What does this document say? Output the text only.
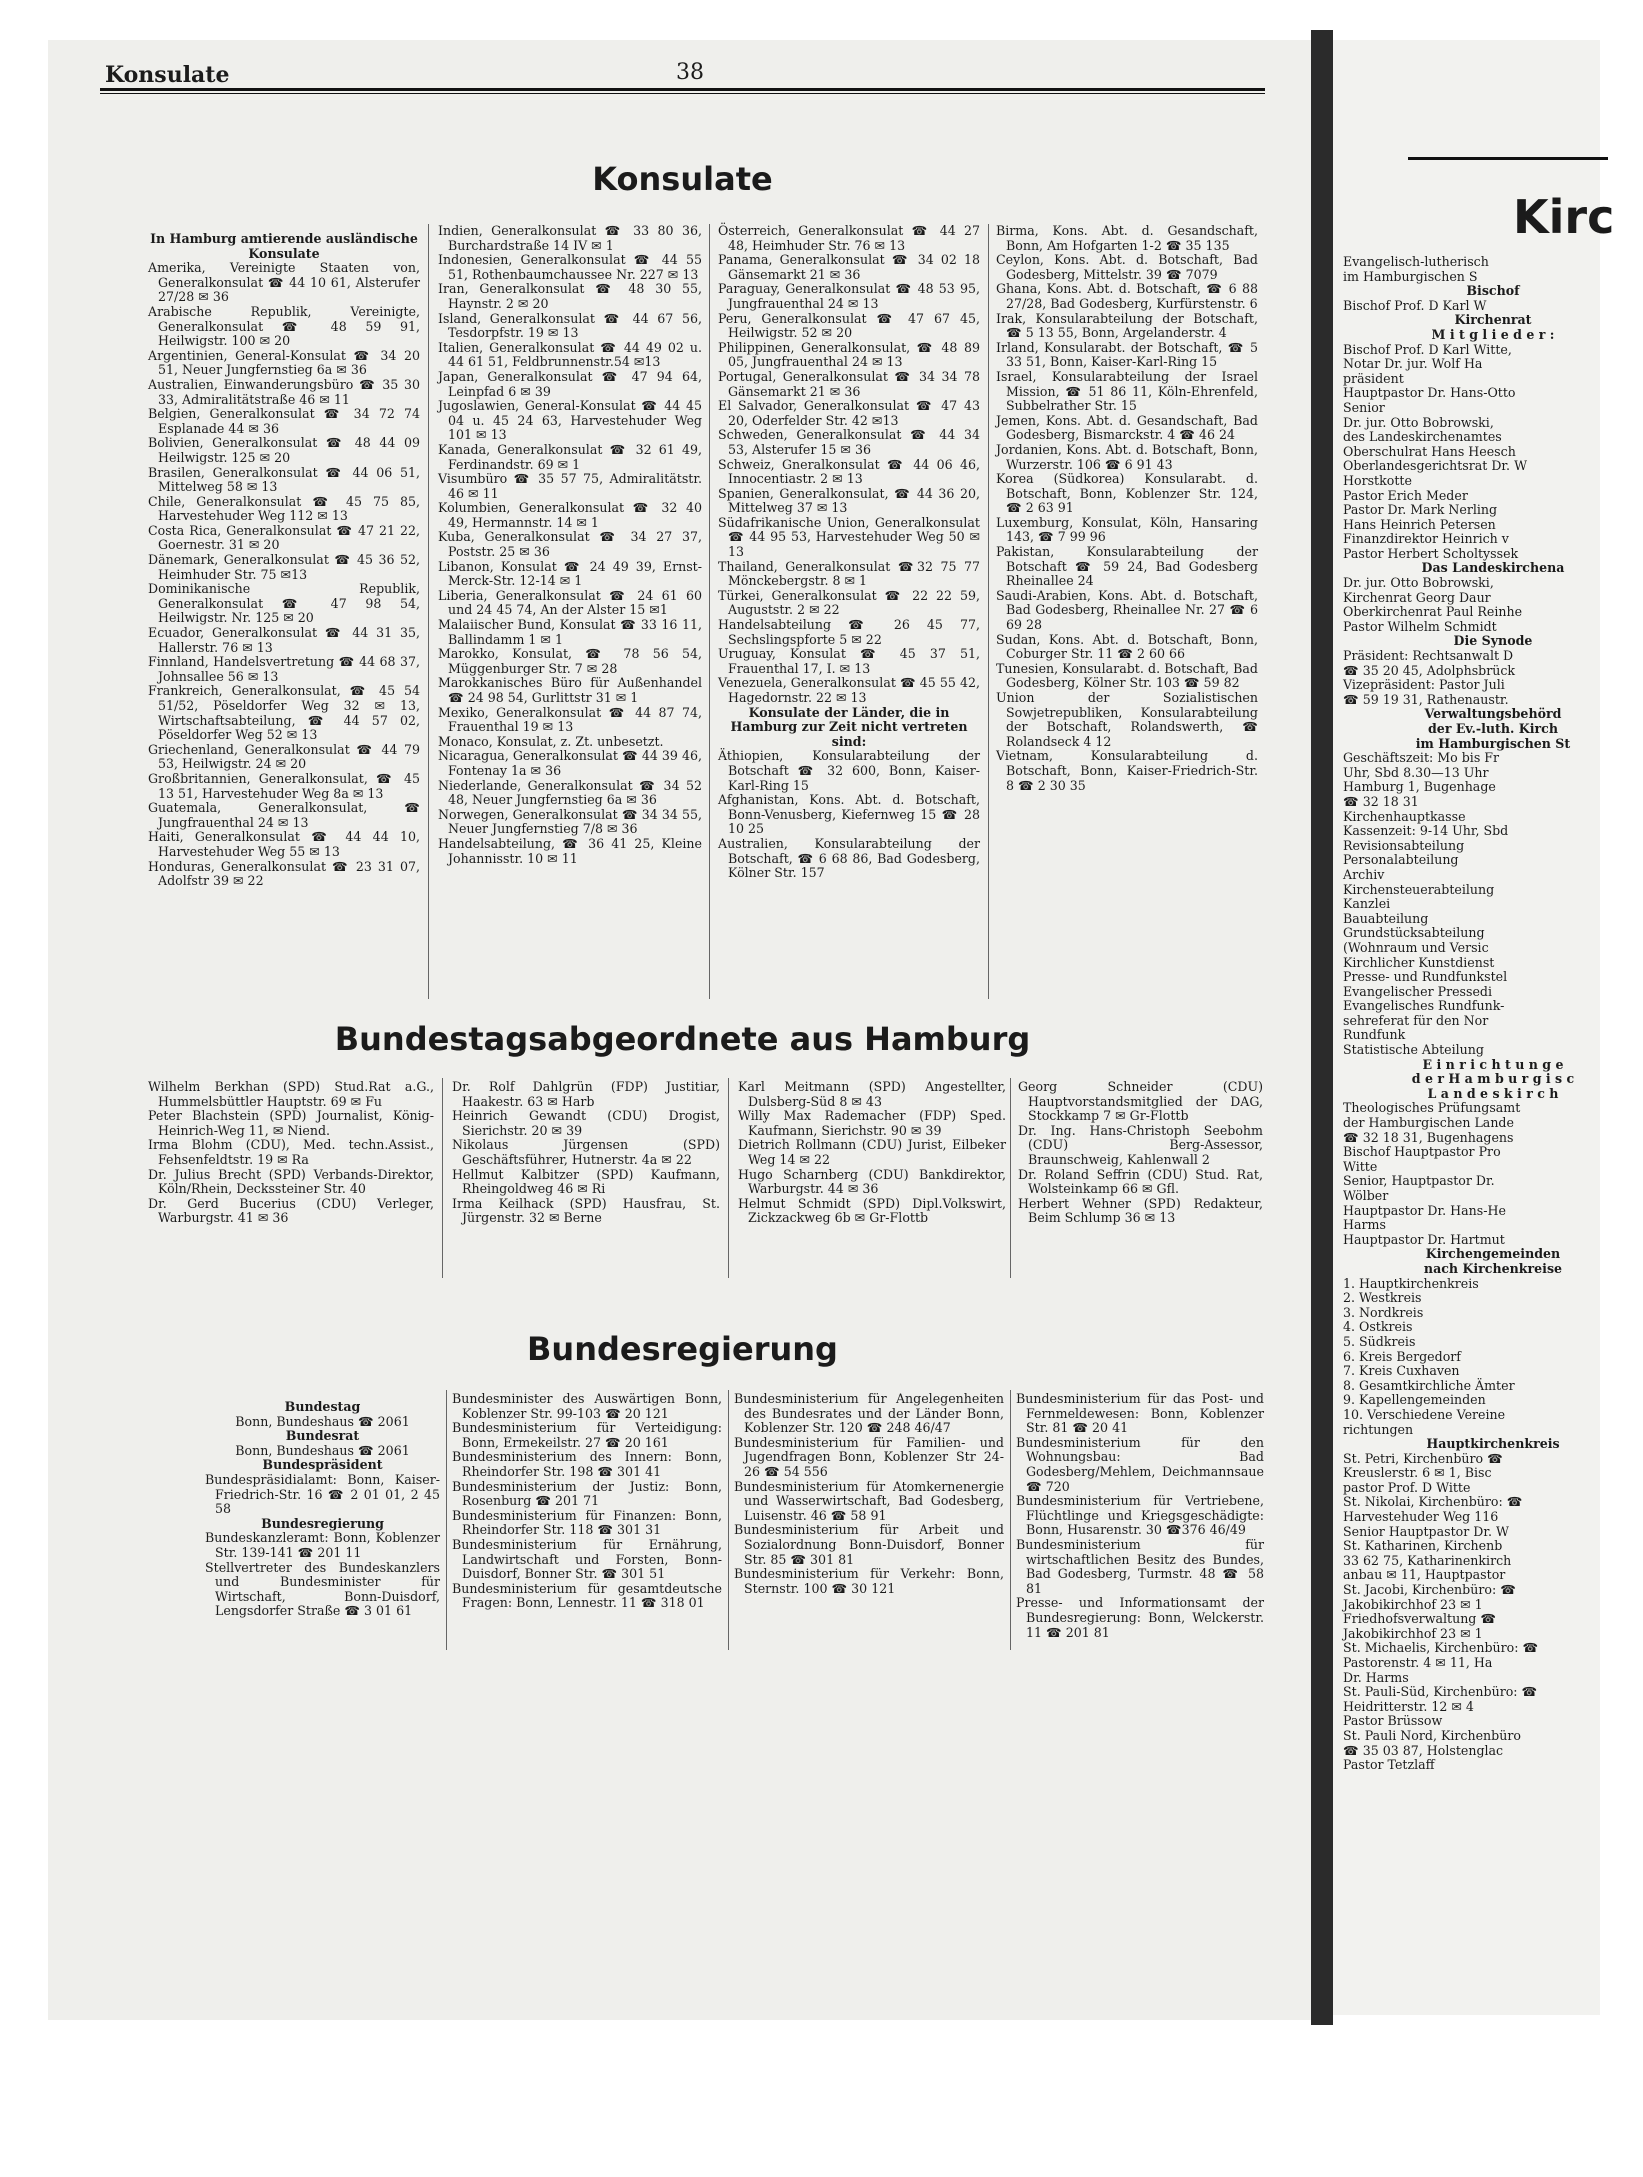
Kirc

Evangelisch-lutherisch

im Hamburgischen S

Bischof

Bischof Prof. D Karl W

Kirchenrat

M i t g l i e d e r :

Bischof Prof. D Karl Witte,

Notar Dr. jur. Wolf Ha

präsident

Hauptpastor Dr. Hans-Otto

Senior

Dr. jur. Otto Bobrowski,

des Landeskirchenamtes

Oberschulrat Hans Heesch

Oberlandesgerichtsrat Dr. W

Horstkotte

Pastor Erich Meder

Pastor Dr. Mark Nerling

Hans Heinrich Petersen

Finanzdirektor Heinrich v

Pastor Herbert Scholtyssek

Das Landeskirchena

Dr. jur. Otto Bobrowski,

Kirchenrat Georg Daur

Oberkirchenrat Paul Reinhe

Pastor Wilhelm Schmidt

Die Synode

Präsident: Rechtsanwalt D

☎ 35 20 45, Adolphsbrück

Vizepräsident: Pastor Juli

☎ 59 19 31, Rathenaustr.

Verwaltungsbehörd

der Ev.-luth. Kirch

im Hamburgischen St

Geschäftszeit: Mo bis Fr

Uhr, Sbd 8.30—13 Uhr

Hamburg 1, Bugenhage

☎ 32 18 31

Kirchenhauptkasse

Kassenzeit: 9-14 Uhr, Sbd

Revisionsabteilung

Personalabteilung

Archiv

Kirchensteuerabteilung

Kanzlei

Bauabteilung

Grundstücksabteilung

(Wohnraum und Versic

Kirchlicher Kunstdienst

Presse- und Rundfunkstel

Evangelischer Pressedi

Evangelisches Rundfunk-

sehreferat für den Nor

Rundfunk

Statistische Abteilung

E i n r i c h t u n g e

d e r H a m b u r g i s c

L a n d e s k i r c h

Theologisches Prüfungsamt

der Hamburgischen Lande

☎ 32 18 31, Bugenhagens

Bischof Hauptpastor Pro

Witte

Senior, Hauptpastor Dr.

Wölber

Hauptpastor Dr. Hans-He

Harms

Hauptpastor Dr. Hartmut

Kirchengemeinden

nach Kirchenkreise

1. Hauptkirchenkreis

2. Westkreis

3. Nordkreis

4. Ostkreis

5. Südkreis

6. Kreis Bergedorf

7. Kreis Cuxhaven

8. Gesamtkirchliche Ämter

9. Kapellengemeinden

10. Verschiedene Vereine

richtungen

Hauptkirchenkreis

St. Petri, Kirchenbüro ☎

Kreuslerstr. 6 ✉ 1, Bisc

pastor Prof. D Witte

St. Nikolai, Kirchenbüro: ☎

Harvestehuder Weg 116

Senior Hauptpastor Dr. W

St. Katharinen, Kirchenb

33 62 75, Katharinenkirch

anbau ✉ 11, Hauptpastor

St. Jacobi, Kirchenbüro: ☎

Jakobikirchhof 23 ✉ 1

Friedhofsverwaltung ☎

Jakobikirchhof 23 ✉ 1

St. Michaelis, Kirchenbüro: ☎

Pastorenstr. 4 ✉ 11, Ha

Dr. Harms

St. Pauli-Süd, Kirchenbüro: ☎

Heidritterstr. 12 ✉ 4

Pastor Brüssow

St. Pauli Nord, Kirchenbüro

☎ 35 03 87, Holstenglac

Pastor Tetzlaff

Konsulate	38
Konsulate
Bundestagsabgeordnete aus Hamburg
Bundesregierung
In Hamburg amtierende ausländische Konsulate

Amerika, Vereinigte Staaten von, Generalkonsulat ☎ 44 10 61, Alsterufer 27/28 ✉ 36

Arabische Republik, Vereinigte, Generalkonsulat ☎ 48 59 91, Heilwigstr. 100 ✉ 20

Argentinien, General-Konsulat ☎ 34 20 51, Neuer Jungfernstieg 6a ✉ 36

Australien, Einwanderungsbüro ☎ 35 30 33, Admiralitätstraße 46 ✉ 11

Belgien, Generalkonsulat ☎ 34 72 74 Esplanade 44 ✉ 36

Bolivien, Generalkonsulat ☎ 48 44 09 Heilwigstr. 125 ✉ 20

Brasilen, Generalkonsulat ☎ 44 06 51, Mittelweg 58 ✉ 13

Chile, Generalkonsulat ☎ 45 75 85, Harvestehuder Weg 112 ✉ 13

Costa Rica, Generalkonsulat ☎ 47 21 22, Goernestr. 31 ✉ 20

Dänemark, Generalkonsulat ☎ 45 36 52, Heimhuder Str. 75 ✉13

Dominikanische Republik, Generalkonsulat ☎ 47 98 54, Heilwigstr. Nr. 125 ✉ 20

Ecuador, Generalkonsulat ☎ 44 31 35, Hallerstr. 76 ✉ 13

Finnland, Handelsvertretung ☎ 44 68 37, Johnsallee 56 ✉ 13

Frankreich, Generalkonsulat, ☎ 45 54 51/52, Pöseldorfer Weg 32 ✉ 13, Wirtschaftsabteilung, ☎ 44 57 02, Pöseldorfer Weg 52 ✉ 13

Griechenland, Generalkonsulat ☎ 44 79 53, Heilwigstr. 24 ✉ 20

Großbritannien, Generalkonsulat, ☎ 45 13 51, Harvestehuder Weg 8a ✉ 13

Guatemala, Generalkonsulat, ☎ Jungfrauenthal 24 ✉ 13

Haiti, Generalkonsulat ☎ 44 44 10, Harvestehuder Weg 55 ✉ 13

Honduras, Generalkonsulat ☎ 23 31 07, Adolfstr 39 ✉ 22

Indien, Generalkonsulat ☎ 33 80 36, Burchardstraße 14 IV ✉ 1

Indonesien, Generalkonsulat ☎ 44 55 51, Rothenbaumchaussee Nr. 227 ✉ 13

Iran, Generalkonsulat ☎ 48 30 55, Haynstr. 2 ✉ 20

Island, Generalkonsulat ☎ 44 67 56, Tesdorpfstr. 19 ✉ 13

Italien, Generalkonsulat ☎ 44 49 02 u. 44 61 51, Feldbrunnenstr.54 ✉13

Japan, Generalkonsulat ☎ 47 94 64, Leinpfad 6 ✉ 39

Jugoslawien, General-Konsulat ☎ 44 45 04 u. 45 24 63, Harvestehuder Weg 101 ✉ 13

Kanada, Generalkonsulat ☎ 32 61 49, Ferdinandstr. 69 ✉ 1

Visumbüro ☎ 35 57 75, Admiralitätstr. 46 ✉ 11

Kolumbien, Generalkonsulat ☎ 32 40 49, Hermannstr. 14 ✉ 1

Kuba, Generalkonsulat ☎ 34 27 37, Poststr. 25 ✉ 36

Libanon, Konsulat ☎ 24 49 39, Ernst-Merck-Str. 12-14 ✉ 1

Liberia, Generalkonsulat ☎ 24 61 60 und 24 45 74, An der Alster 15 ✉1

Malaiischer Bund, Konsulat ☎ 33 16 11, Ballindamm 1 ✉ 1

Marokko, Konsulat, ☎ 78 56 54, Müggenburger Str. 7 ✉ 28

Marokkanisches Büro für Außenhandel ☎ 24 98 54, Gurlittstr 31 ✉ 1

Mexiko, Generalkonsulat ☎ 44 87 74, Frauenthal 19 ✉ 13

Monaco, Konsulat, z. Zt. unbesetzt.

Nicaragua, Generalkonsulat ☎ 44 39 46, Fontenay 1a ✉ 36

Niederlande, Generalkonsulat ☎ 34 52 48, Neuer Jungfernstieg 6a ✉ 36

Norwegen, Generalkonsulat ☎ 34 34 55, Neuer Jungfernstieg 7/8 ✉ 36

Handelsabteilung, ☎ 36 41 25, Kleine Johannisstr. 10 ✉ 11

Österreich, Generalkonsulat ☎ 44 27 48, Heimhuder Str. 76 ✉ 13

Panama, Generalkonsulat ☎ 34 02 18 Gänsemarkt 21 ✉ 36

Paraguay, Generalkonsulat ☎ 48 53 95, Jungfrauenthal 24 ✉ 13

Peru, Generalkonsulat ☎ 47 67 45, Heilwigstr. 52 ✉ 20

Philippinen, Generalkonsulat, ☎ 48 89 05, Jungfrauenthal 24 ✉ 13

Portugal, Generalkonsulat ☎ 34 34 78 Gänsemarkt 21 ✉ 36

El Salvador, Generalkonsulat ☎ 47 43 20, Oderfelder Str. 42 ✉13

Schweden, Generalkonsulat ☎ 44 34 53, Alsterufer 15 ✉ 36

Schweiz, Gneralkonsulat ☎ 44 06 46, Innocentiastr. 2 ✉ 13

Spanien, Generalkonsulat, ☎ 44 36 20, Mittelweg 37 ✉ 13

Südafrikanische Union, Generalkonsulat ☎ 44 95 53, Harvestehuder Weg 50 ✉ 13

Thailand, Generalkonsulat ☎32 75 77 Mönckebergstr. 8 ✉ 1

Türkei, Generalkonsulat ☎ 22 22 59, Auguststr. 2 ✉ 22

Handelsabteilung ☎ 26 45 77, Sechslingspforte 5 ✉ 22

Uruguay, Konsulat ☎ 45 37 51, Frauenthal 17, I. ✉ 13

Venezuela, Generalkonsulat ☎ 45 55 42, Hagedornstr. 22 ✉ 13

Konsulate der Länder, die in Hamburg zur Zeit nicht vertreten sind:

Äthiopien, Konsularabteilung der Botschaft ☎ 32 600, Bonn, Kaiser-Karl-Ring 15

Afghanistan, Kons. Abt. d. Botschaft, Bonn-Venusberg, Kiefernweg 15 ☎ 28 10 25

Australien, Konsularabteilung der Botschaft, ☎ 6 68 86, Bad Godesberg, Kölner Str. 157

Birma, Kons. Abt. d. Gesandschaft, Bonn, Am Hofgarten 1-2 ☎ 35 135

Ceylon, Kons. Abt. d. Botschaft, Bad Godesberg, Mittelstr. 39 ☎ 7079

Ghana, Kons. Abt. d. Botschaft, ☎ 6 88 27/28, Bad Godesberg, Kurfürstenstr. 6

Irak, Konsularabteilung der Botschaft, ☎ 5 13 55, Bonn, Argelanderstr. 4

Irland, Konsularabt. der Botschaft, ☎ 5 33 51, Bonn, Kaiser-Karl-Ring 15

Israel, Konsularabteilung der Israel Mission, ☎ 51 86 11, Köln-Ehrenfeld, Subbelrather Str. 15

Jemen, Kons. Abt. d. Gesandschaft, Bad Godesberg, Bismarckstr. 4 ☎ 46 24

Jordanien, Kons. Abt. d. Botschaft, Bonn, Wurzerstr. 106 ☎ 6 91 43

Korea (Südkorea) Konsularabt. d. Botschaft, Bonn, Koblenzer Str. 124, ☎ 2 63 91

Luxemburg, Konsulat, Köln, Hansaring 143, ☎ 7 99 96

Pakistan, Konsularabteilung der Botschaft ☎ 59 24, Bad Godesberg Rheinallee 24

Saudi-Arabien, Kons. Abt. d. Botschaft, Bad Godesberg, Rheinallee Nr. 27 ☎ 6 69 28

Sudan, Kons. Abt. d. Botschaft, Bonn, Coburger Str. 11 ☎ 2 60 66

Tunesien, Konsularabt. d. Botschaft, Bad Godesberg, Kölner Str. 103 ☎ 59 82

Union der Sozialistischen Sowjetrepubliken, Konsularabteilung der Botschaft, Rolandswerth, ☎ Rolandseck 4 12

Vietnam, Konsularabteilung d. Botschaft, Bonn, Kaiser-Friedrich-Str. 8 ☎ 2 30 35

Wilhelm Berkhan (SPD) Stud.Rat a.G., Hummelsbüttler Hauptstr. 69 ✉ Fu

Peter Blachstein (SPD) Journalist, König-Heinrich-Weg 11, ✉ Niend.

Irma Blohm (CDU), Med. techn.Assist., Fehsenfeldtstr. 19 ✉ Ra

Dr. Julius Brecht (SPD) Verbands-Direktor, Köln/Rhein, Deckssteiner Str. 40

Dr. Gerd Bucerius (CDU) Verleger, Warburgstr. 41 ✉ 36

Dr. Rolf Dahlgrün (FDP) Justitiar, Haakestr. 63 ✉ Harb

Heinrich Gewandt (CDU) Drogist, Sierichstr. 20 ✉ 39

Nikolaus Jürgensen (SPD) Geschäftsführer, Hutnerstr. 4a ✉ 22

Hellmut Kalbitzer (SPD) Kaufmann, Rheingoldweg 46 ✉ Ri

Irma Keilhack (SPD) Hausfrau, St. Jürgenstr. 32 ✉ Berne

Karl Meitmann (SPD) Angestellter, Dulsberg-Süd 8 ✉ 43

Willy Max Rademacher (FDP) Sped. Kaufmann, Sierichstr. 90 ✉ 39

Dietrich Rollmann (CDU) Jurist, Eilbeker Weg 14 ✉ 22

Hugo Scharnberg (CDU) Bankdirektor, Warburgstr. 44 ✉ 36

Helmut Schmidt (SPD) Dipl.Volkswirt, Zickzackweg 6b ✉ Gr-Flottb

Georg Schneider (CDU) Hauptvorstandsmitglied der DAG, Stockkamp 7 ✉ Gr-Flottb

Dr. Ing. Hans-Christoph Seebohm (CDU) Berg-Assessor, Braunschweig, Kahlenwall 2

Dr. Roland Seffrin (CDU) Stud. Rat, Wolsteinkamp 66 ✉ Gfl.

Herbert Wehner (SPD) Redakteur, Beim Schlump 36 ✉ 13

Bundestag

Bonn, Bundeshaus ☎ 2061

Bundesrat

Bonn, Bundeshaus ☎ 2061

Bundespräsident

Bundespräsidialamt: Bonn, Kaiser-Friedrich-Str. 16 ☎ 2 01 01, 2 45 58

Bundesregierung

Bundeskanzleramt: Bonn, Koblenzer Str. 139-141 ☎ 201 11

Stellvertreter des Bundeskanzlers und Bundesminister für Wirtschaft, Bonn-Duisdorf, Lengsdorfer Straße ☎ 3 01 61

Bundesminister des Auswärtigen Bonn, Koblenzer Str. 99-103 ☎ 20 121

Bundesministerium für Verteidigung: Bonn, Ermekeilstr. 27 ☎ 20 161

Bundesministerium des Innern: Bonn, Rheindorfer Str. 198 ☎ 301 41

Bundesministerium der Justiz: Bonn, Rosenburg ☎ 201 71

Bundesministerium für Finanzen: Bonn, Rheindorfer Str. 118 ☎ 301 31

Bundesministerium für Ernährung, Landwirtschaft und Forsten, Bonn-Duisdorf, Bonner Str. ☎ 301 51

Bundesministerium für gesamtdeutsche Fragen: Bonn, Lennestr. 11 ☎ 318 01

Bundesministerium für Angelegenheiten des Bundesrates und der Länder Bonn, Koblenzer Str. 120 ☎ 248 46/47

Bundesministerium für Familien- und Jugendfragen Bonn, Koblenzer Str 24-26 ☎ 54 556

Bundesministerium für Atomkernenergie und Wasserwirtschaft, Bad Godesberg, Luisenstr. 46 ☎ 58 91

Bundesministerium für Arbeit und Sozialordnung Bonn-Duisdorf, Bonner Str. 85 ☎ 301 81

Bundesministerium für Verkehr: Bonn, Sternstr. 100 ☎ 30 121

Bundesministerium für das Post- und Fernmeldewesen: Bonn, Koblenzer Str. 81 ☎ 20 41

Bundesministerium für den Wohnungsbau: Bad Godesberg/Mehlem, Deichmannsaue ☎ 720

Bundesministerium für Vertriebene, Flüchtlinge und Kriegsgeschädigte: Bonn, Husarenstr. 30 ☎376 46/49

Bundesministerium für wirtschaftlichen Besitz des Bundes, Bad Godesberg, Turmstr. 48 ☎ 58 81

Presse- und Informationsamt der Bundesregierung: Bonn, Welckerstr. 11 ☎ 201 81
